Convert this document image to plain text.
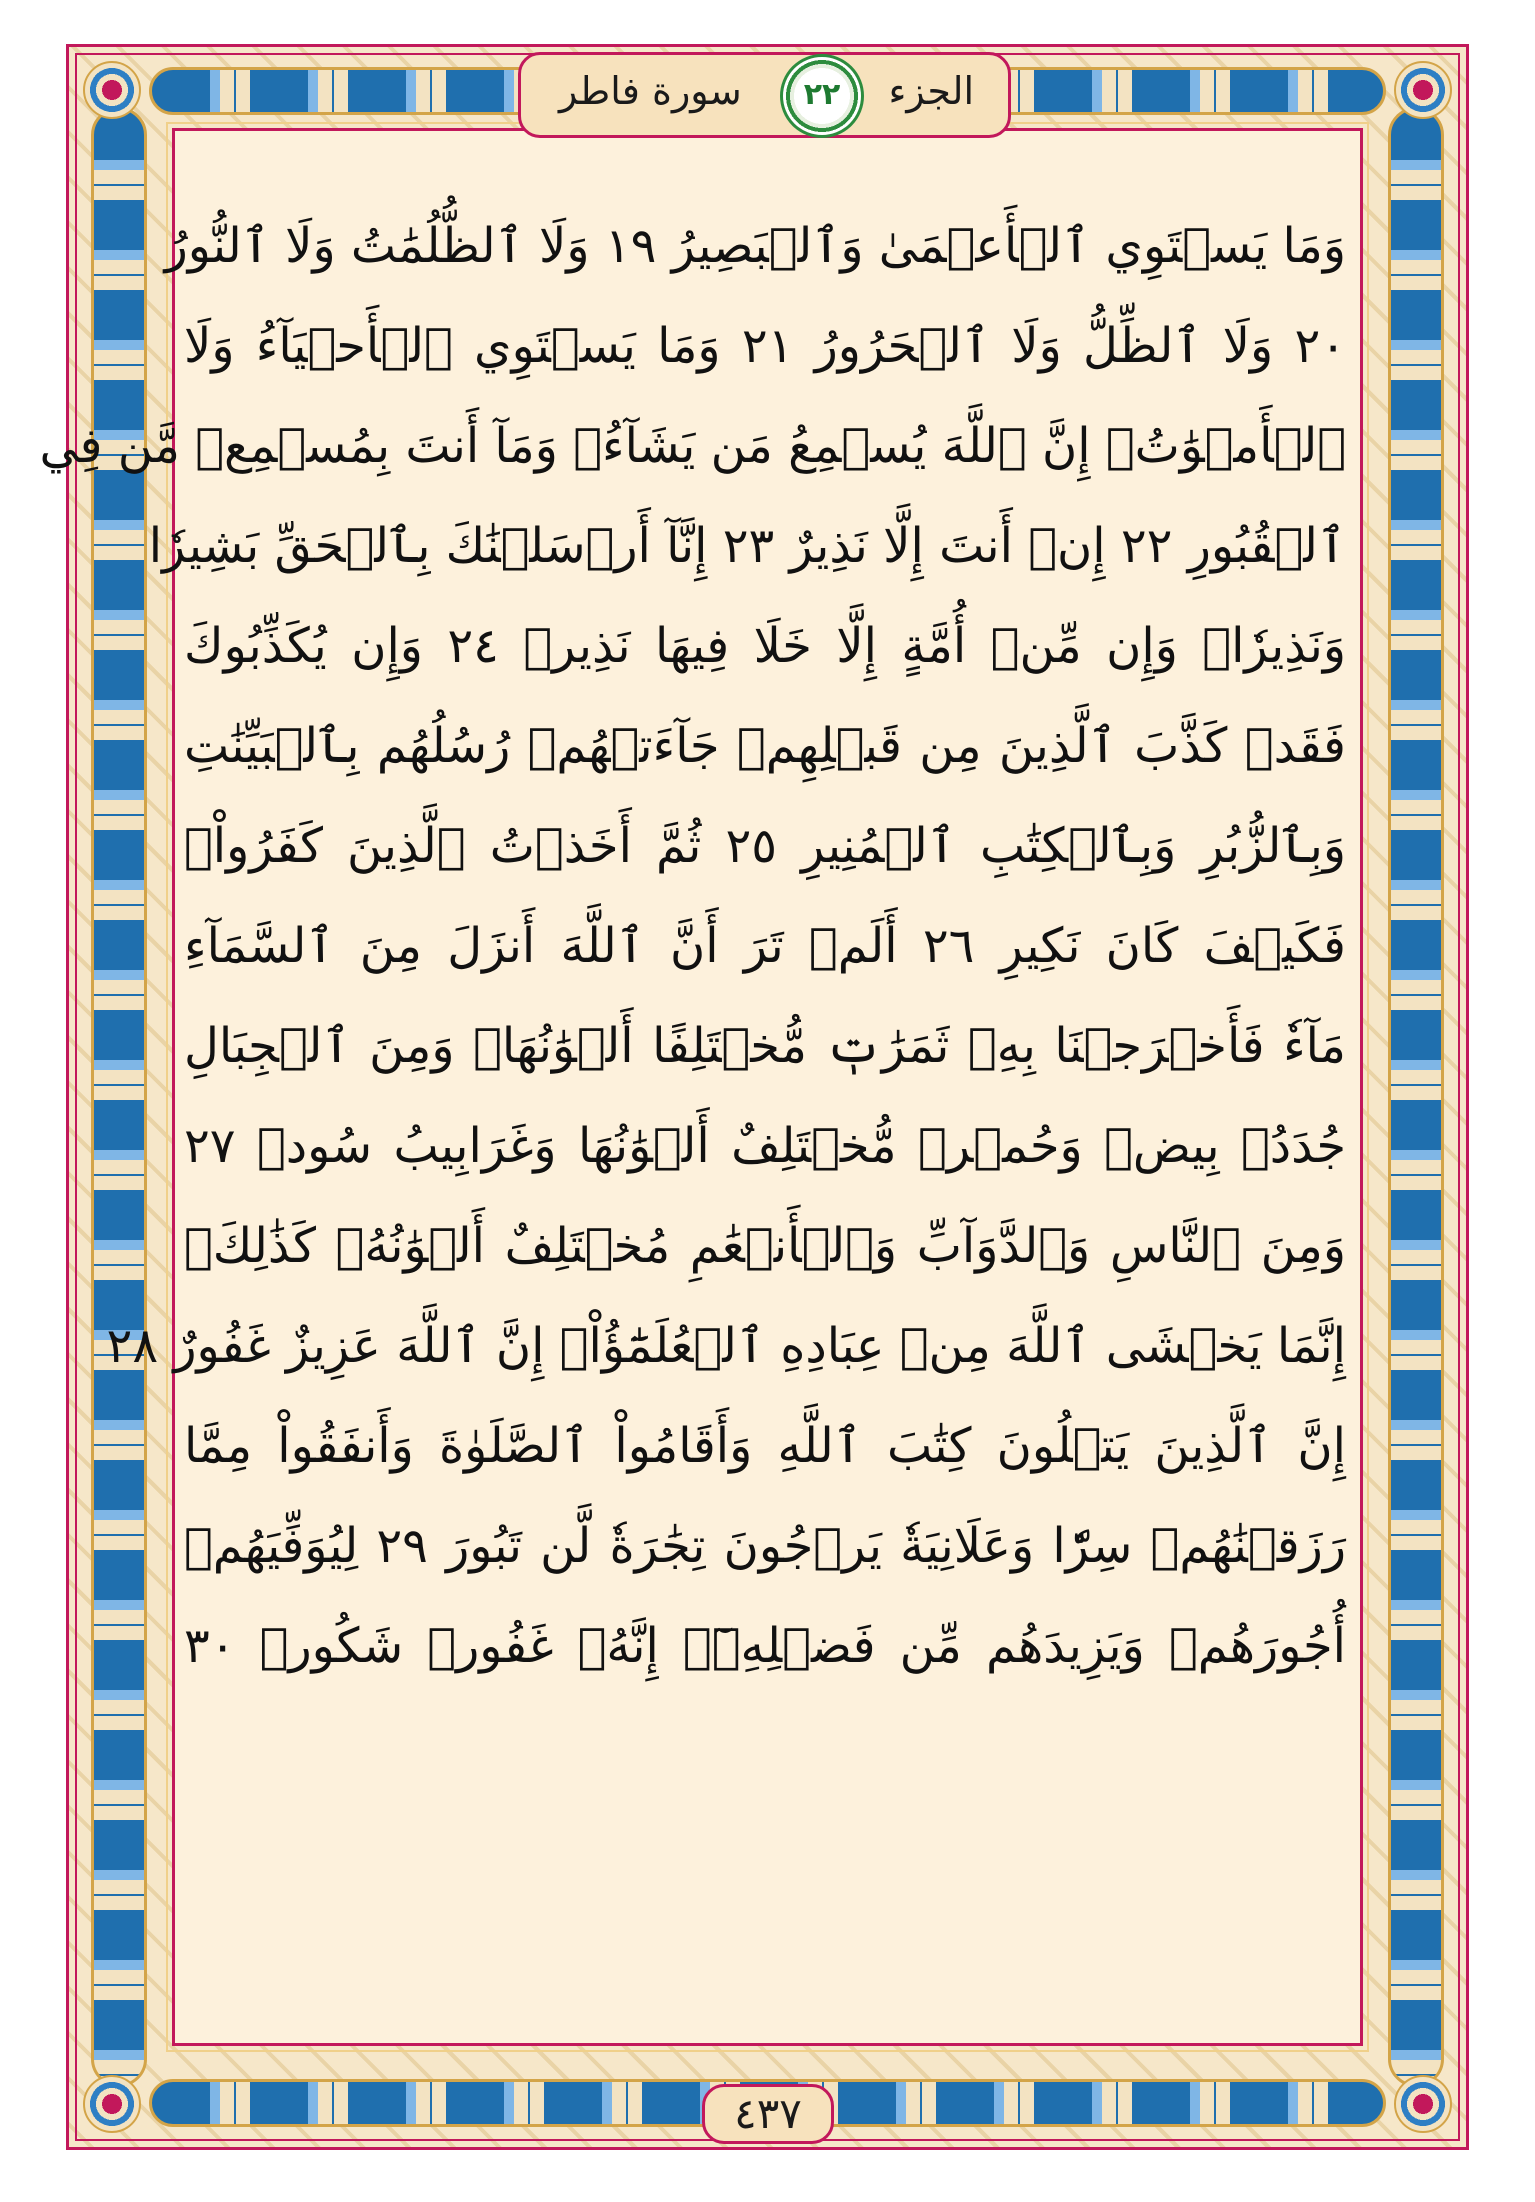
الجزء
سورة فاطر	٢٢
وَمَا يَسۡتَوِي ٱلۡأَعۡمَىٰ وَٱلۡبَصِيرُ ١٩ وَلَا ٱلظُّلُمَٰتُ وَلَا ٱلنُّورُ
٢٠ وَلَا ٱلظِّلُّ وَلَا ٱلۡحَرُورُ ٢١ وَمَا يَسۡتَوِي ٱلۡأَحۡيَآءُ وَلَا
ٱلۡأَمۡوَٰتُۚ إِنَّ ٱللَّهَ يُسۡمِعُ مَن يَشَآءُۖ وَمَآ أَنتَ بِمُسۡمِعٖ مَّن فِي
ٱلۡقُبُورِ ٢٢ إِنۡ أَنتَ إِلَّا نَذِيرٌ ٢٣ إِنَّآ أَرۡسَلۡنَٰكَ بِٱلۡحَقِّ بَشِيرٗا
وَنَذِيرٗاۚ وَإِن مِّنۡ أُمَّةٍ إِلَّا خَلَا فِيهَا نَذِيرٞ ٢٤ وَإِن يُكَذِّبُوكَ
فَقَدۡ كَذَّبَ ٱلَّذِينَ مِن قَبۡلِهِمۡ جَآءَتۡهُمۡ رُسُلُهُم بِٱلۡبَيِّنَٰتِ
وَبِٱلزُّبُرِ وَبِٱلۡكِتَٰبِ ٱلۡمُنِيرِ ٢٥ ثُمَّ أَخَذۡتُ ٱلَّذِينَ كَفَرُواْۖ
فَكَيۡفَ كَانَ نَكِيرِ ٢٦ أَلَمۡ تَرَ أَنَّ ٱللَّهَ أَنزَلَ مِنَ ٱلسَّمَآءِ
مَآءٗ فَأَخۡرَجۡنَا بِهِۦ ثَمَرَٰتٖ مُّخۡتَلِفًا أَلۡوَٰنُهَاۚ وَمِنَ ٱلۡجِبَالِ
جُدَدُۢ بِيضٞ وَحُمۡرٞ مُّخۡتَلِفٌ أَلۡوَٰنُهَا وَغَرَابِيبُ سُودٞ ٢٧
وَمِنَ ٱلنَّاسِ وَٱلدَّوَآبِّ وَٱلۡأَنۡعَٰمِ مُخۡتَلِفٌ أَلۡوَٰنُهُۥ كَذَٰلِكَۗ
إِنَّمَا يَخۡشَى ٱللَّهَ مِنۡ عِبَادِهِ ٱلۡعُلَمَٰٓؤُاْۗ إِنَّ ٱللَّهَ عَزِيزٌ غَفُورٌ ٢٨
إِنَّ ٱلَّذِينَ يَتۡلُونَ كِتَٰبَ ٱللَّهِ وَأَقَامُواْ ٱلصَّلَوٰةَ وَأَنفَقُواْ مِمَّا
رَزَقۡنَٰهُمۡ سِرّٗا وَعَلَانِيَةٗ يَرۡجُونَ تِجَٰرَةٗ لَّن تَبُورَ ٢٩ لِيُوَفِّيَهُمۡ
أُجُورَهُمۡ وَيَزِيدَهُم مِّن فَضۡلِهِۦٓۚ إِنَّهُۥ غَفُورٞ شَكُورٞ ٣٠
٤٣٧
